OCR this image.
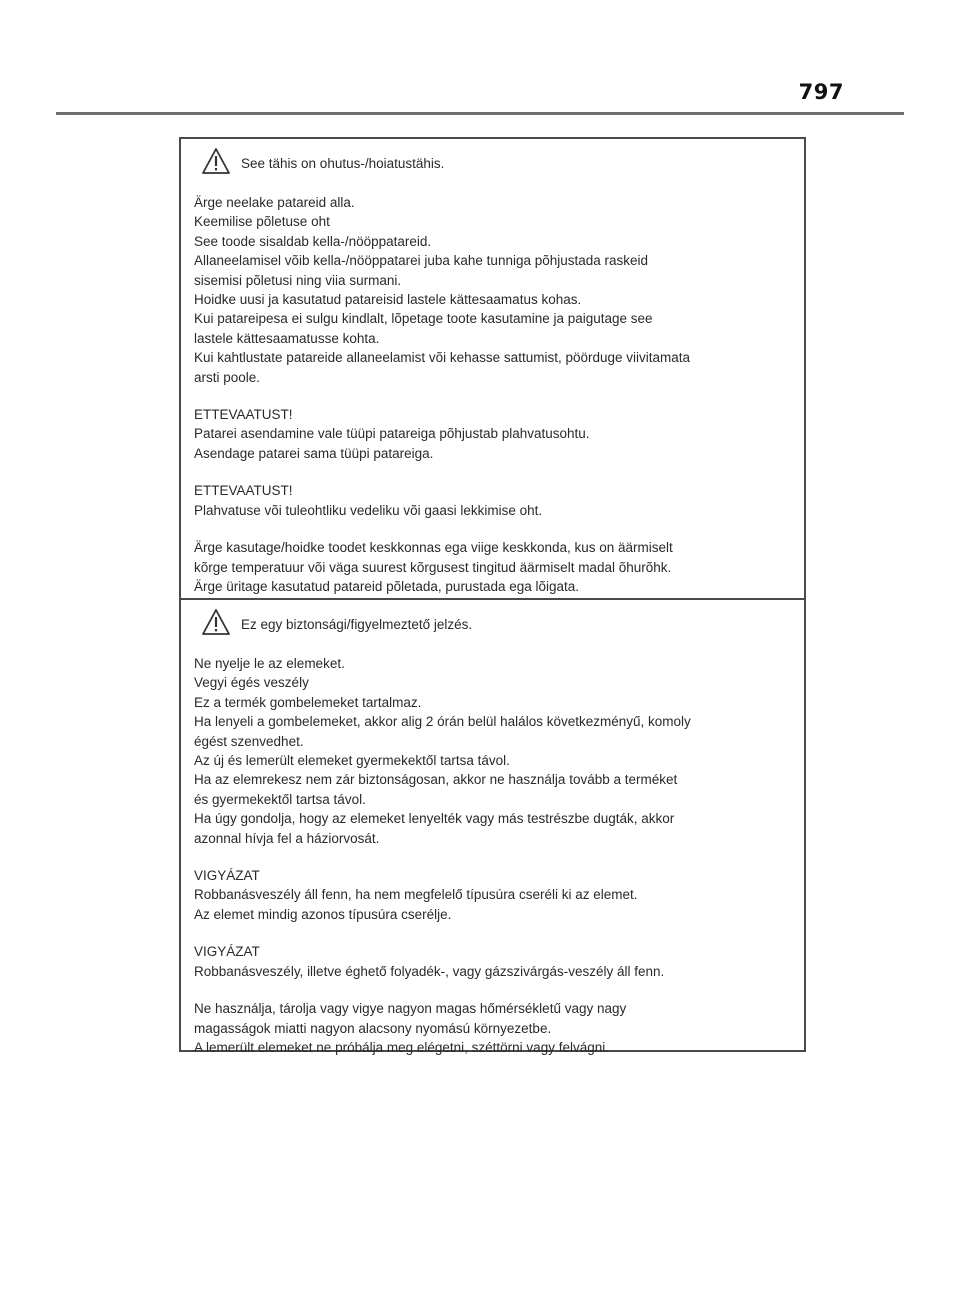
797
See tähis on ohutus-/hoiatustähis.
Ärge neelake patareid alla.
Keemilise põletuse oht
See toode sisaldab kella-/nööppatareid.
Allaneelamisel võib kella-/nööppatarei juba kahe tunniga põhjustada raskeid
sisemisi põletusi ning viia surmani.
Hoidke uusi ja kasutatud patareisid lastele kättesaamatus kohas.
Kui patareipesa ei sulgu kindlalt, lõpetage toote kasutamine ja paigutage see
lastele kättesaamatusse kohta.
Kui kahtlustate patareide allaneelamist või kehasse sattumist, pöörduge viivitamata
arsti poole.
ETTEVAATUST!
Patarei asendamine vale tüüpi patareiga põhjustab plahvatusohtu.
Asendage patarei sama tüüpi patareiga.
ETTEVAATUST!
Plahvatuse või tuleohtliku vedeliku või gaasi lekkimise oht.
Ärge kasutage/hoidke toodet keskkonnas ega viige keskkonda, kus on äärmiselt
kõrge temperatuur või väga suurest kõrgusest tingitud äärmiselt madal õhurõhk.
Ärge üritage kasutatud patareid põletada, purustada ega lõigata.
Ez egy biztonsági/figyelmeztető jelzés.
Ne nyelje le az elemeket.
Vegyi égés veszély
Ez a termék gombelemeket tartalmaz.
Ha lenyeli a gombelemeket, akkor alig 2 órán belül halálos következményű, komoly
égést szenvedhet.
Az új és lemerült elemeket gyermekektől tartsa távol.
Ha az elemrekesz nem zár biztonságosan, akkor ne használja tovább a terméket
és gyermekektől tartsa távol.
Ha úgy gondolja, hogy az elemeket lenyelték vagy más testrészbe dugták, akkor
azonnal hívja fel a háziorvosát.
VIGYÁZAT
Robbanásveszély áll fenn, ha nem megfelelő típusúra cseréli ki az elemet.
Az elemet mindig azonos típusúra cserélje.
VIGYÁZAT
Robbanásveszély, illetve éghető folyadék-, vagy gázszivárgás-veszély áll fenn.
Ne használja, tárolja vagy vigye nagyon magas hőmérsékletű vagy nagy
magasságok miatti nagyon alacsony nyomású környezetbe.
A lemerült elemeket ne próbálja meg elégetni, széttörni vagy felvágni.
